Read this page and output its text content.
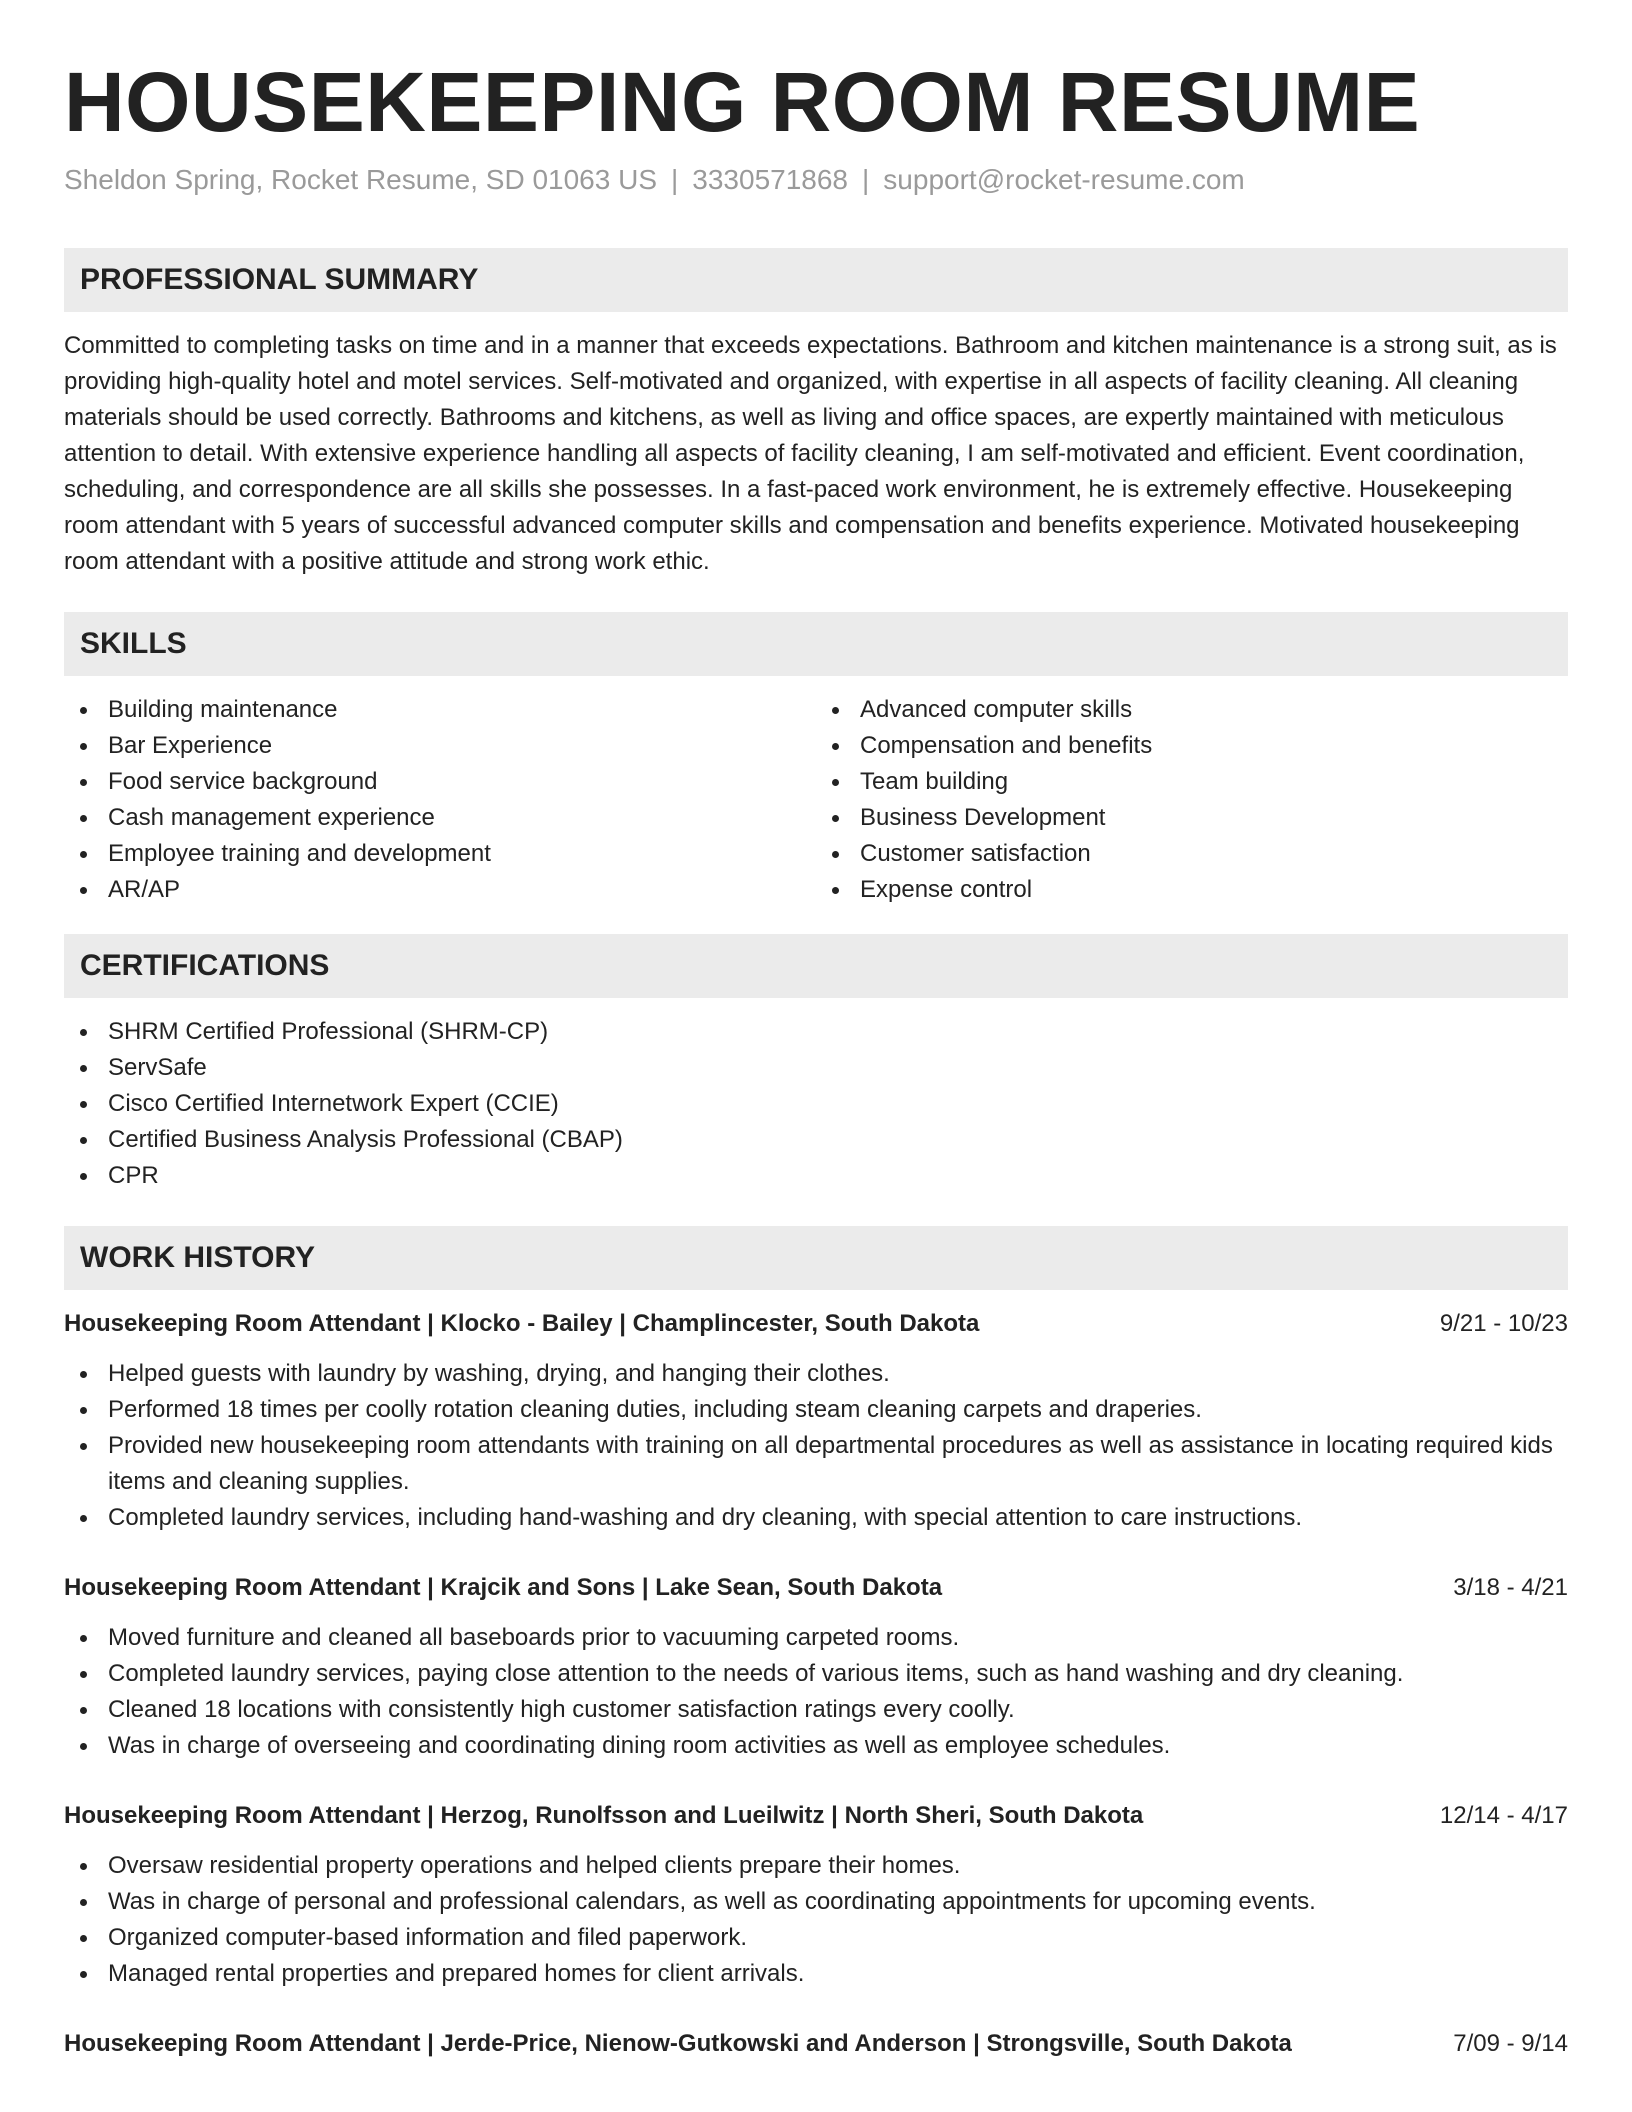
HOUSEKEEPING ROOM RESUME
Sheldon Spring, Rocket Resume, SD 01063 US | 3330571868 | support@rocket-resume.com
PROFESSIONAL SUMMARY

Committed to completing tasks on time and in a manner that exceeds expectations. Bathroom and kitchen maintenance is a strong suit, as is providing high-quality hotel and motel services. Self-motivated and organized, with expertise in all aspects of facility cleaning. All cleaning materials should be used correctly. Bathrooms and kitchens, as well as living and office spaces, are expertly maintained with meticulous attention to detail. With extensive experience handling all aspects of facility cleaning, I am self-motivated and efficient. Event coordination, scheduling, and correspondence are all skills she possesses. In a fast-paced work environment, he is extremely effective. Housekeeping room attendant with 5 years of successful advanced computer skills and compensation and benefits experience. Motivated housekeeping room attendant with a positive attitude and strong work ethic.

SKILLS
Building maintenance
Bar Experience
Food service background
Cash management experience
Employee training and development
AR/AP
Advanced computer skills
Compensation and benefits
Team building
Business Development
Customer satisfaction
Expense control
CERTIFICATIONS
SHRM Certified Professional (SHRM-CP)
ServSafe
Cisco Certified Internetwork Expert (CCIE)
Certified Business Analysis Professional (CBAP)
CPR
WORK HISTORY
Housekeeping Room Attendant | Klocko - Bailey | Champlincester, South Dakota	9/21 - 10/23
Helped guests with laundry by washing, drying, and hanging their clothes.
Performed 18 times per coolly rotation cleaning duties, including steam cleaning carpets and draperies.
Provided new housekeeping room attendants with training on all departmental procedures as well as assistance in locating required kids items and cleaning supplies.
Completed laundry services, including hand-washing and dry cleaning, with special attention to care instructions.
Housekeeping Room Attendant | Krajcik and Sons | Lake Sean, South Dakota	3/18 - 4/21
Moved furniture and cleaned all baseboards prior to vacuuming carpeted rooms.
Completed laundry services, paying close attention to the needs of various items, such as hand washing and dry cleaning.
Cleaned 18 locations with consistently high customer satisfaction ratings every coolly.
Was in charge of overseeing and coordinating dining room activities as well as employee schedules.
Housekeeping Room Attendant | Herzog, Runolfsson and Lueilwitz | North Sheri, South Dakota	12/14 - 4/17
Oversaw residential property operations and helped clients prepare their homes.
Was in charge of personal and professional calendars, as well as coordinating appointments for upcoming events.
Organized computer-based information and filed paperwork.
Managed rental properties and prepared homes for client arrivals.
Housekeeping Room Attendant | Jerde-Price, Nienow-Gutkowski and Anderson | Strongsville, South Dakota	7/09 - 9/14
